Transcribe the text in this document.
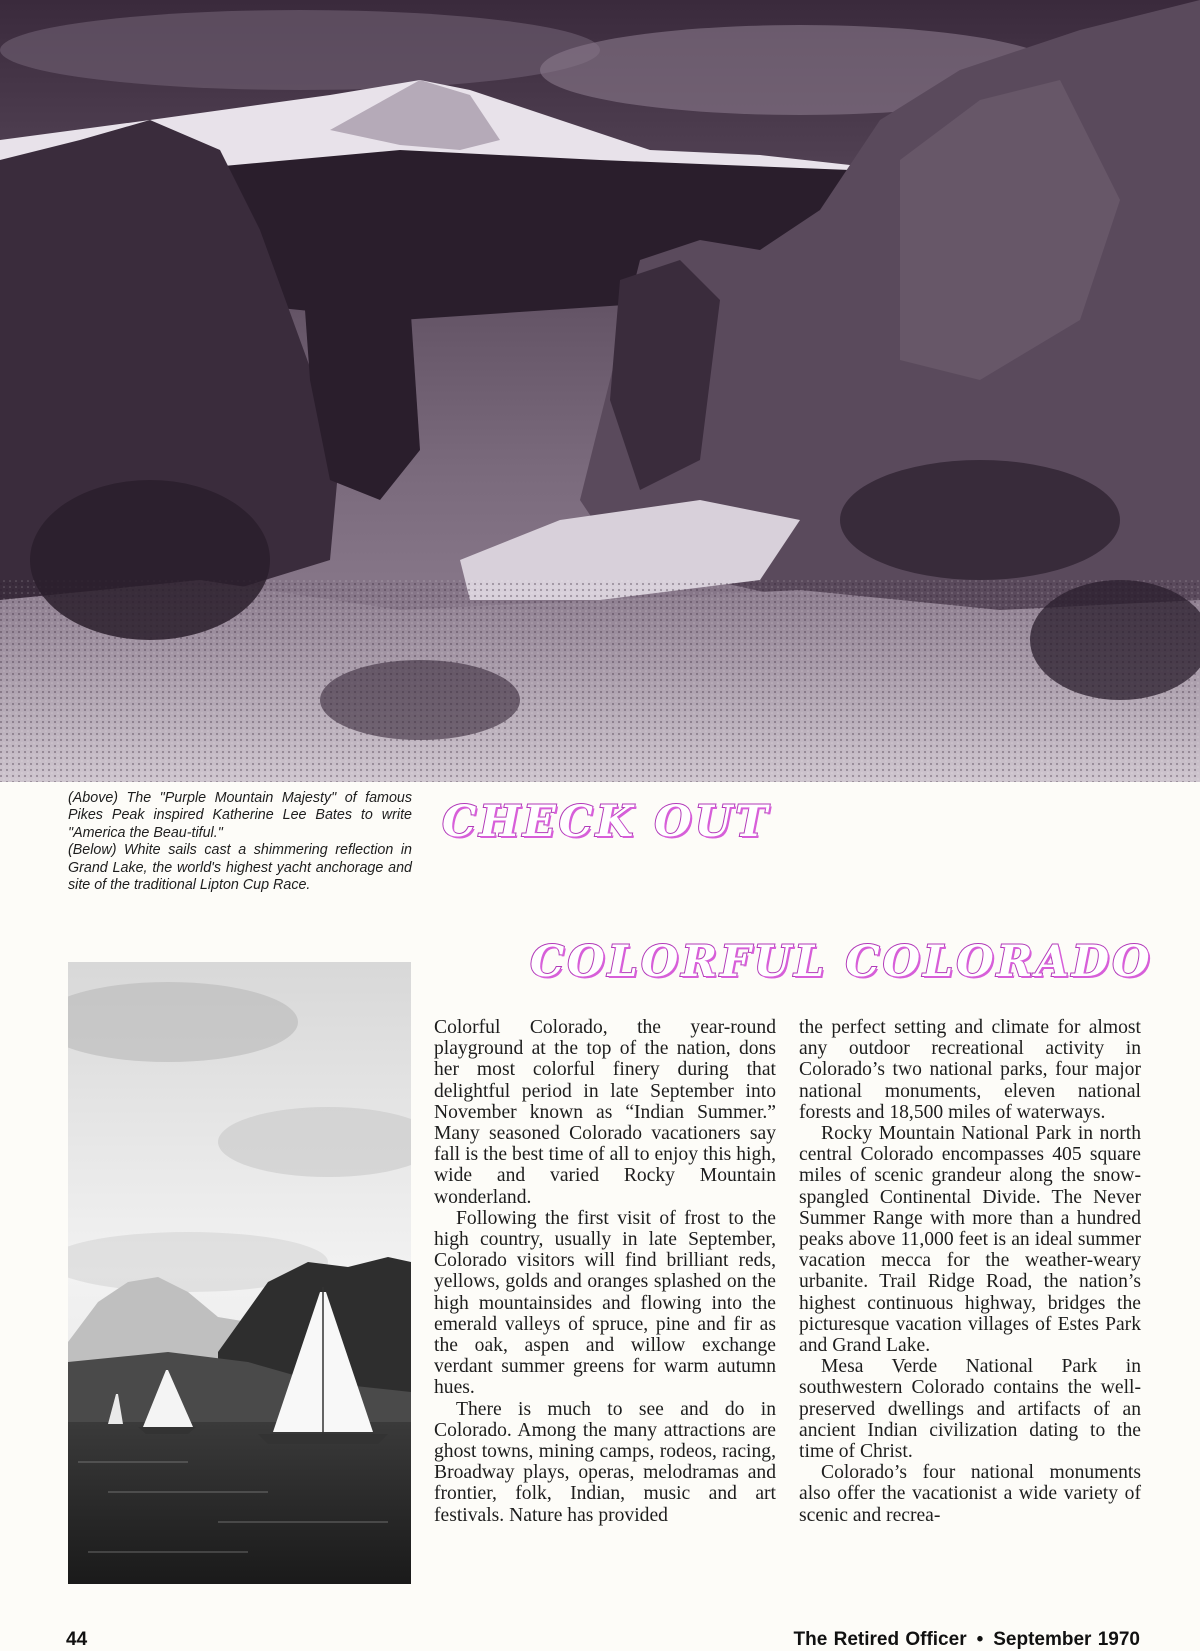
(Above) The "Purple Mountain Majesty" of famous Pikes Peak inspired Katherine Lee Bates to write "America the Beau-tiful."

(Below) White sails cast a shimmering reflection in Grand Lake, the world's highest yacht anchorage and site of the traditional Lipton Cup Race.

CHECK OUT
COLORFUL COLORADO

Colorful Colorado, the year-round playground at the top of the nation, dons her most colorful finery during that delightful period in late September into November known as “Indian Summer.” Many seasoned Colorado vacationers say fall is the best time of all to enjoy this high, wide and varied Rocky Mountain wonderland.

Following the first visit of frost to the high country, usually in late September, Colorado visitors will find brilliant reds, yellows, golds and oranges splashed on the high mountainsides and flowing into the emerald valleys of spruce, pine and fir as the oak, aspen and willow exchange verdant summer greens for warm autumn hues.

There is much to see and do in Colorado. Among the many attractions are ghost towns, mining camps, rodeos, racing, Broadway plays, operas, melodramas and frontier, folk, Indian, music and art festivals. Nature has provided

the perfect setting and climate for almost any outdoor recreational activity in Colorado’s two national parks, four major national monuments, eleven national forests and 18,500 miles of waterways.

Rocky Mountain National Park in north central Colorado encompasses 405 square miles of scenic grandeur along the snow-spangled Continental Divide. The Never Summer Range with more than a hundred peaks above 11,000 feet is an ideal summer vacation mecca for the weather-weary urbanite. Trail Ridge Road, the nation’s highest continuous highway, bridges the picturesque vacation villages of Estes Park and Grand Lake.

Mesa Verde National Park in southwestern Colorado contains the well-preserved dwellings and artifacts of an ancient Indian civilization dating to the time of Christ.

Colorado’s four national monuments also offer the vacationist a wide variety of scenic and recrea-

44	The Retired Officer • September 1970
